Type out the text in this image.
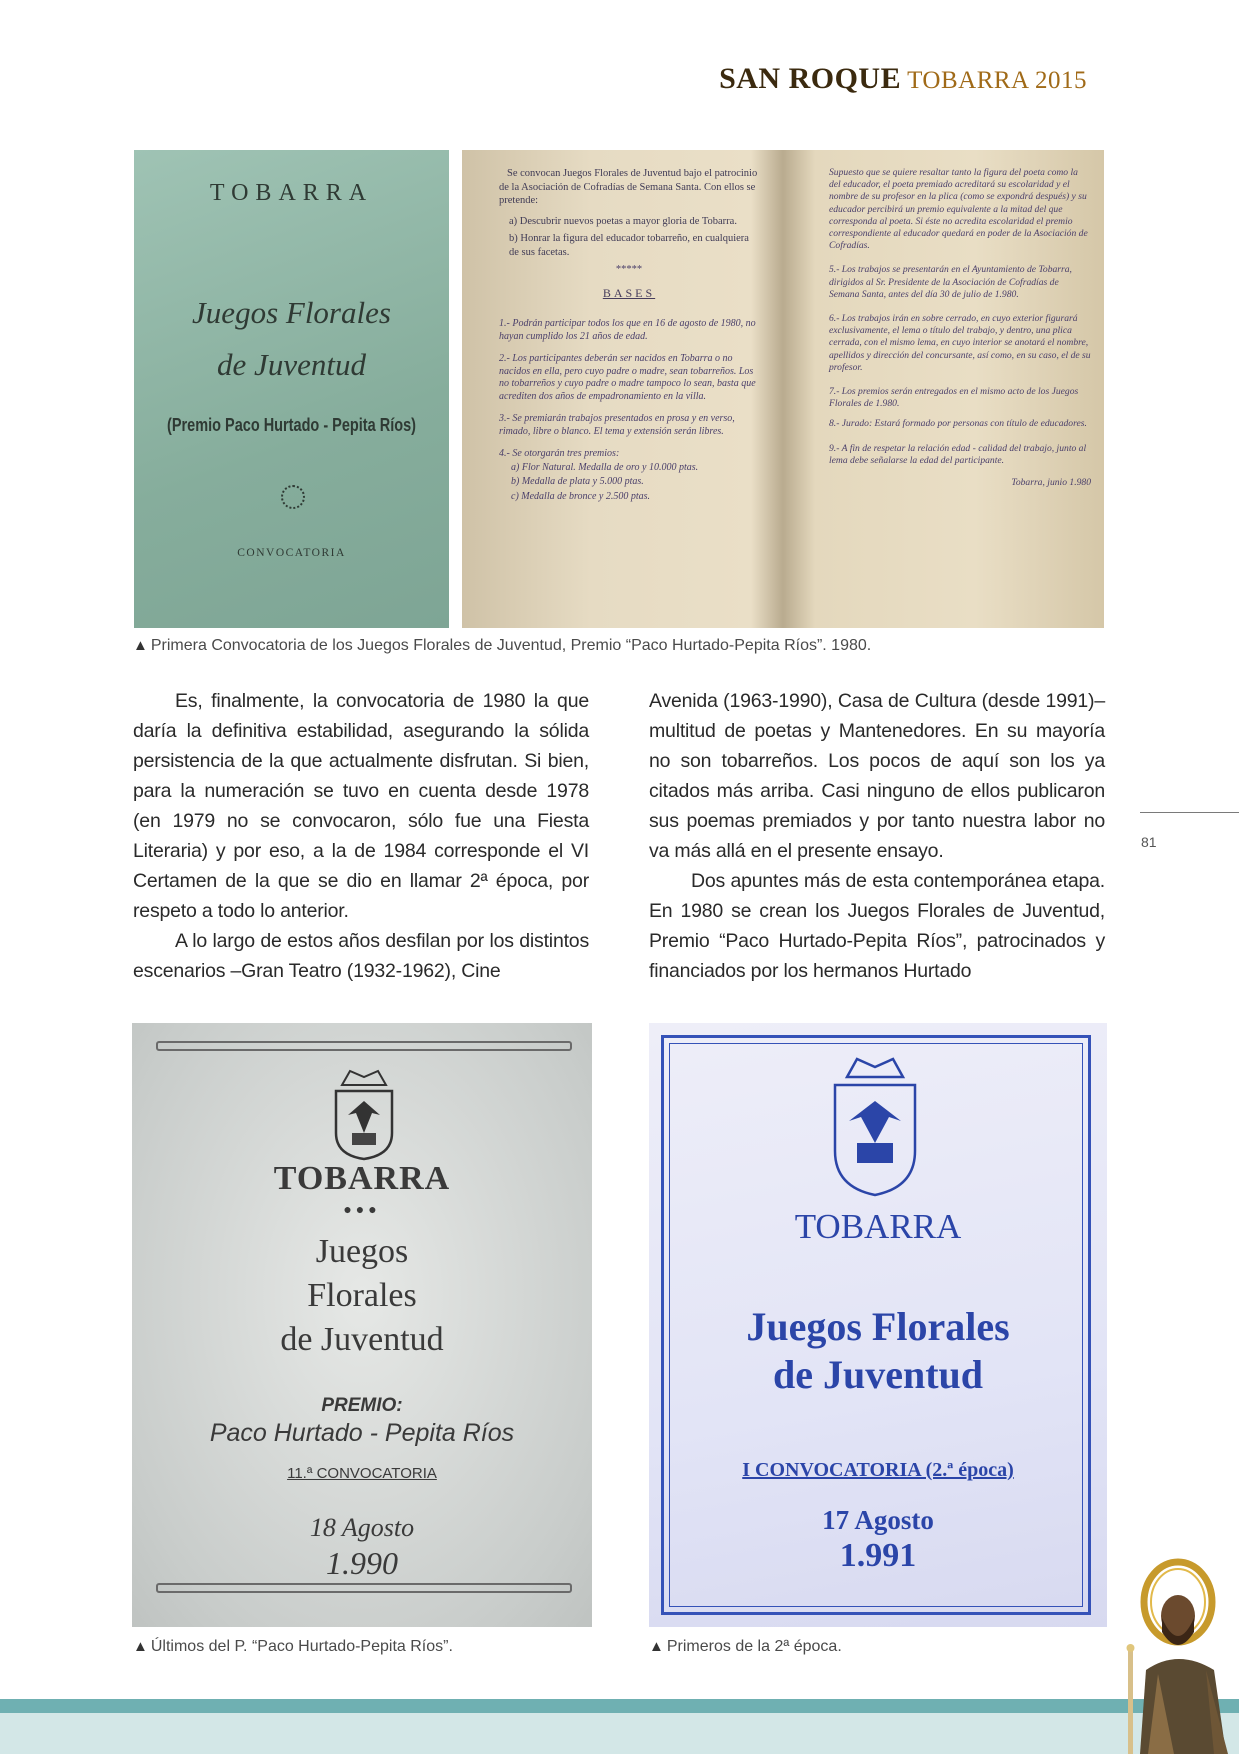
SAN ROQUE TOBARRA 2015
TOBARRA
Juegos Florales
de Juventud
(Premio Paco Hurtado - Pepita Ríos)
CONVOCATORIA
Se convocan Juegos Florales de Juventud bajo el patrocinio de la Asociación de Cofradías de Semana Santa. Con ellos se pretende:
a) Descubrir nuevos poetas a mayor gloria de Tobarra.
b) Honrar la figura del educador tobarreño, en cualquiera de sus facetas.
*****
BASES
1.- Podrán participar todos los que en 16 de agosto de 1980, no hayan cumplido los 21 años de edad.
2.- Los participantes deberán ser nacidos en Tobarra o no nacidos en ella, pero cuyo padre o madre, sean tobarreños. Los no tobarreños y cuyo padre o madre tampoco lo sean, basta que acrediten dos años de empadronamiento en la villa.
3.- Se premiarán trabajos presentados en prosa y en verso, rimado, libre o blanco. El tema y extensión serán libres.
4.- Se otorgarán tres premios:
a) Flor Natural. Medalla de oro y 10.000 ptas.
b) Medalla de plata y 5.000 ptas.
c) Medalla de bronce y 2.500 ptas.
Supuesto que se quiere resaltar tanto la figura del poeta como la del educador, el poeta premiado acreditará su escolaridad y el nombre de su profesor en la plica (como se expondrá después) y su educador percibirá un premio equivalente a la mitad del que corresponda al poeta. Si éste no acredita escolaridad el premio correspondiente al educador quedará en poder de la Asociación de Cofradías.
5.- Los trabajos se presentarán en el Ayuntamiento de Tobarra, dirigidos al Sr. Presidente de la Asociación de Cofradías de Semana Santa, antes del día 30 de julio de 1.980.
6.- Los trabajos irán en sobre cerrado, en cuyo exterior figurará exclusivamente, el lema o título del trabajo, y dentro, una plica cerrada, con el mismo lema, en cuyo interior se anotará el nombre, apellidos y dirección del concursante, así como, en su caso, el de su profesor.
7.- Los premios serán entregados en el mismo acto de los Juegos Florales de 1.980.
8.- Jurado: Estará formado por personas con título de educadores.
9.- A fin de respetar la relación edad - calidad del trabajo, junto al lema debe señalarse la edad del participante.
Tobarra, junio 1.980
▲ Primera Convocatoria de los Juegos Florales de Juventud, Premio “Paco Hurtado-Pepita Ríos”. 1980.

Es, finalmente, la convocatoria de 1980 la que daría la definitiva estabilidad, asegurando la sólida persistencia de la que actualmente disfrutan. Si bien, para la numeración se tuvo en cuenta desde 1978 (en 1979 no se convocaron, sólo fue una Fiesta Literaria) y por eso, a la de 1984 corresponde el VI Certamen de la que se dio en llamar 2ª época, por respeto a todo lo anterior.

A lo largo de estos años desfilan por los distintos escenarios –Gran Teatro (1932-1962), Cine

Avenida (1963-1990), Casa de Cultura (desde 1991)– multitud de poetas y Mantenedores. En su mayoría no son tobarreños. Los pocos de aquí son los ya citados más arriba. Casi ninguno de ellos publicaron sus poemas premiados y por tanto nuestra labor no va más allá en el presente ensayo.

Dos apuntes más de esta contemporánea etapa. En 1980 se crean los Juegos Florales de Juventud, Premio “Paco Hurtado-Pepita Ríos”, patrocinados y financiados por los hermanos Hurtado

81
TOBARRA
●●●
Juegos
Florales
de Juventud
PREMIO:
Paco Hurtado - Pepita Ríos
11.ª CONVOCATORIA
18 Agosto
1.990
TOBARRA
Juegos Florales
de Juventud
I CONVOCATORIA (2.ª época)
17 Agosto
1.991
▲ Últimos del P. “Paco Hurtado-Pepita Ríos”.	▲ Primeros de la 2ª época.
